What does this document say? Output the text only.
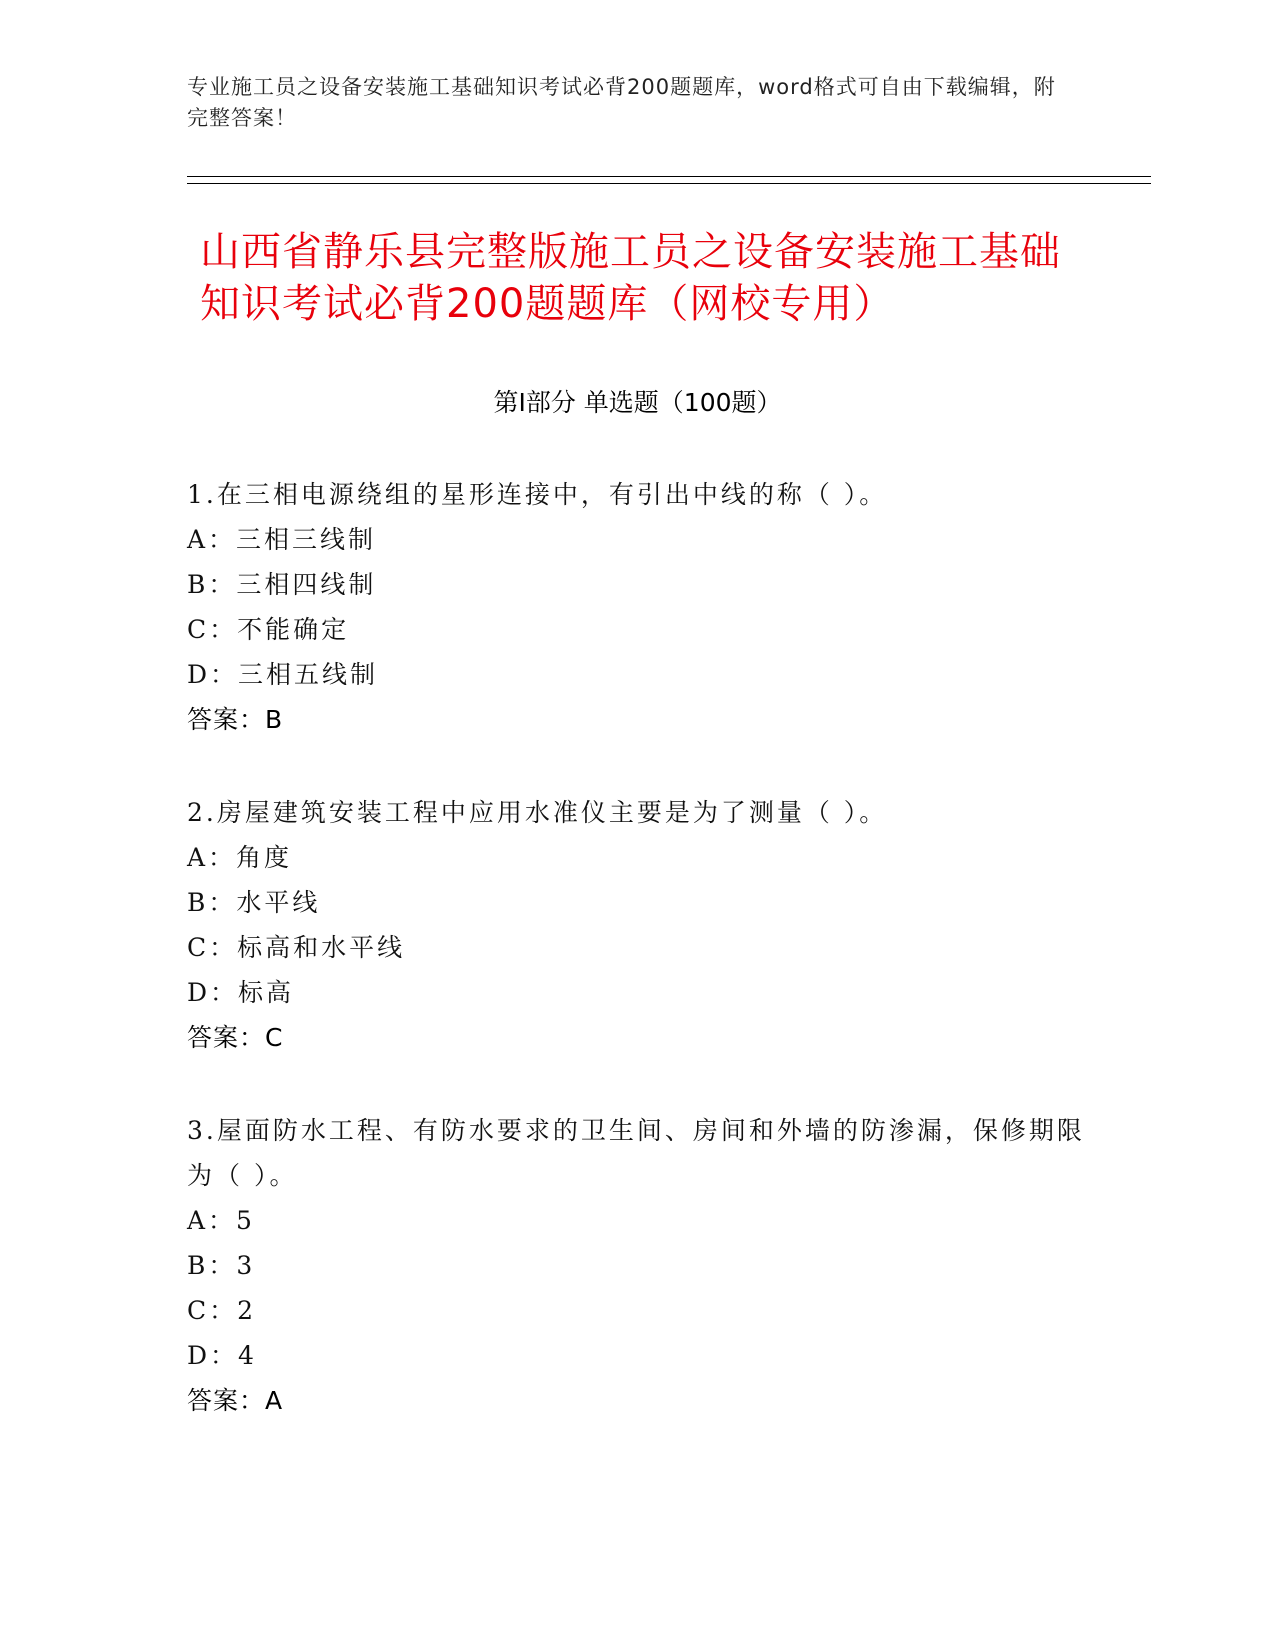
专业施工员之设备安装施工基础知识考试必背200题题库，word格式可自由下载编辑，附完整答案！
山西省静乐县完整版施工员之设备安装施工基础知识考试必背200题题库（网校专用）
第Ⅰ部分 单选题（100题）

1.在三相电源绕组的星形连接中，有引出中线的称（ ）。

A：三相三线制

B：三相四线制

C：不能确定

D：三相五线制

答案：B

2.房屋建筑安装工程中应用水准仪主要是为了测量（ ）。

A：角度

B：水平线

C：标高和水平线

D：标高

答案：C

3.屋面防水工程、有防水要求的卫生间、房间和外墙的防渗漏，保修期限为（ ）。

A：5

B：3

C：2

D：4

答案：A
